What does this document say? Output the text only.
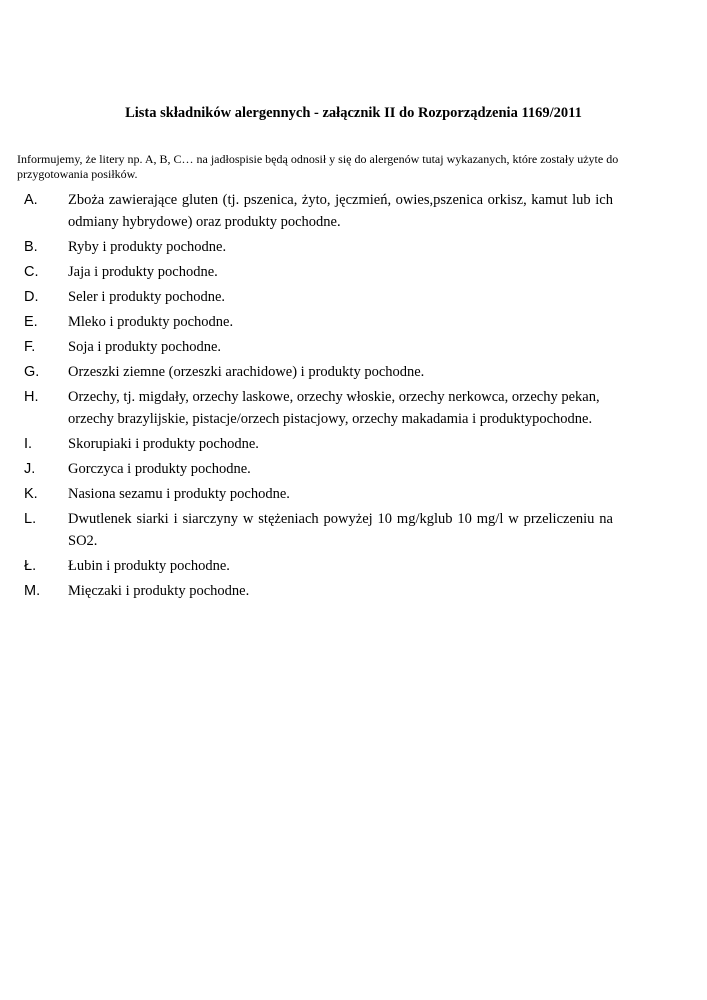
Lista składników alergennych - załącznik II do Rozporządzenia 1169/2011

Informujemy, że litery np. A, B, C… na jadłospisie będą odnosił y się do alergenów tutaj wykazanych, które zostały użyte do przygotowania posiłków.

A. Zboża zawierające gluten (tj. pszenica, żyto, jęczmień, owies,pszenica orkisz, kamut lub ich odmiany hybrydowe) oraz produkty pochodne.
B. Ryby i produkty pochodne.
C. Jaja i produkty pochodne.
D. Seler i produkty pochodne.
E. Mleko i produkty pochodne.
F. Soja i produkty pochodne.
G. Orzeszki ziemne (orzeszki arachidowe) i produkty pochodne.
H. Orzechy, tj. migdały, orzechy laskowe, orzechy włoskie, orzechy nerkowca, orzechy pekan, orzechy brazylijskie, pistacje/orzech pistacjowy, orzechy makadamia i produktypochodne.
I. Skorupiaki i produkty pochodne.
J. Gorczyca i produkty pochodne.
K. Nasiona sezamu i produkty pochodne.
L. Dwutlenek siarki i siarczyny w stężeniach powyżej 10 mg/kglub 10 mg/l w przeliczeniu na SO2.
Ł. Łubin i produkty pochodne.
M. Mięczaki i produkty pochodne.
